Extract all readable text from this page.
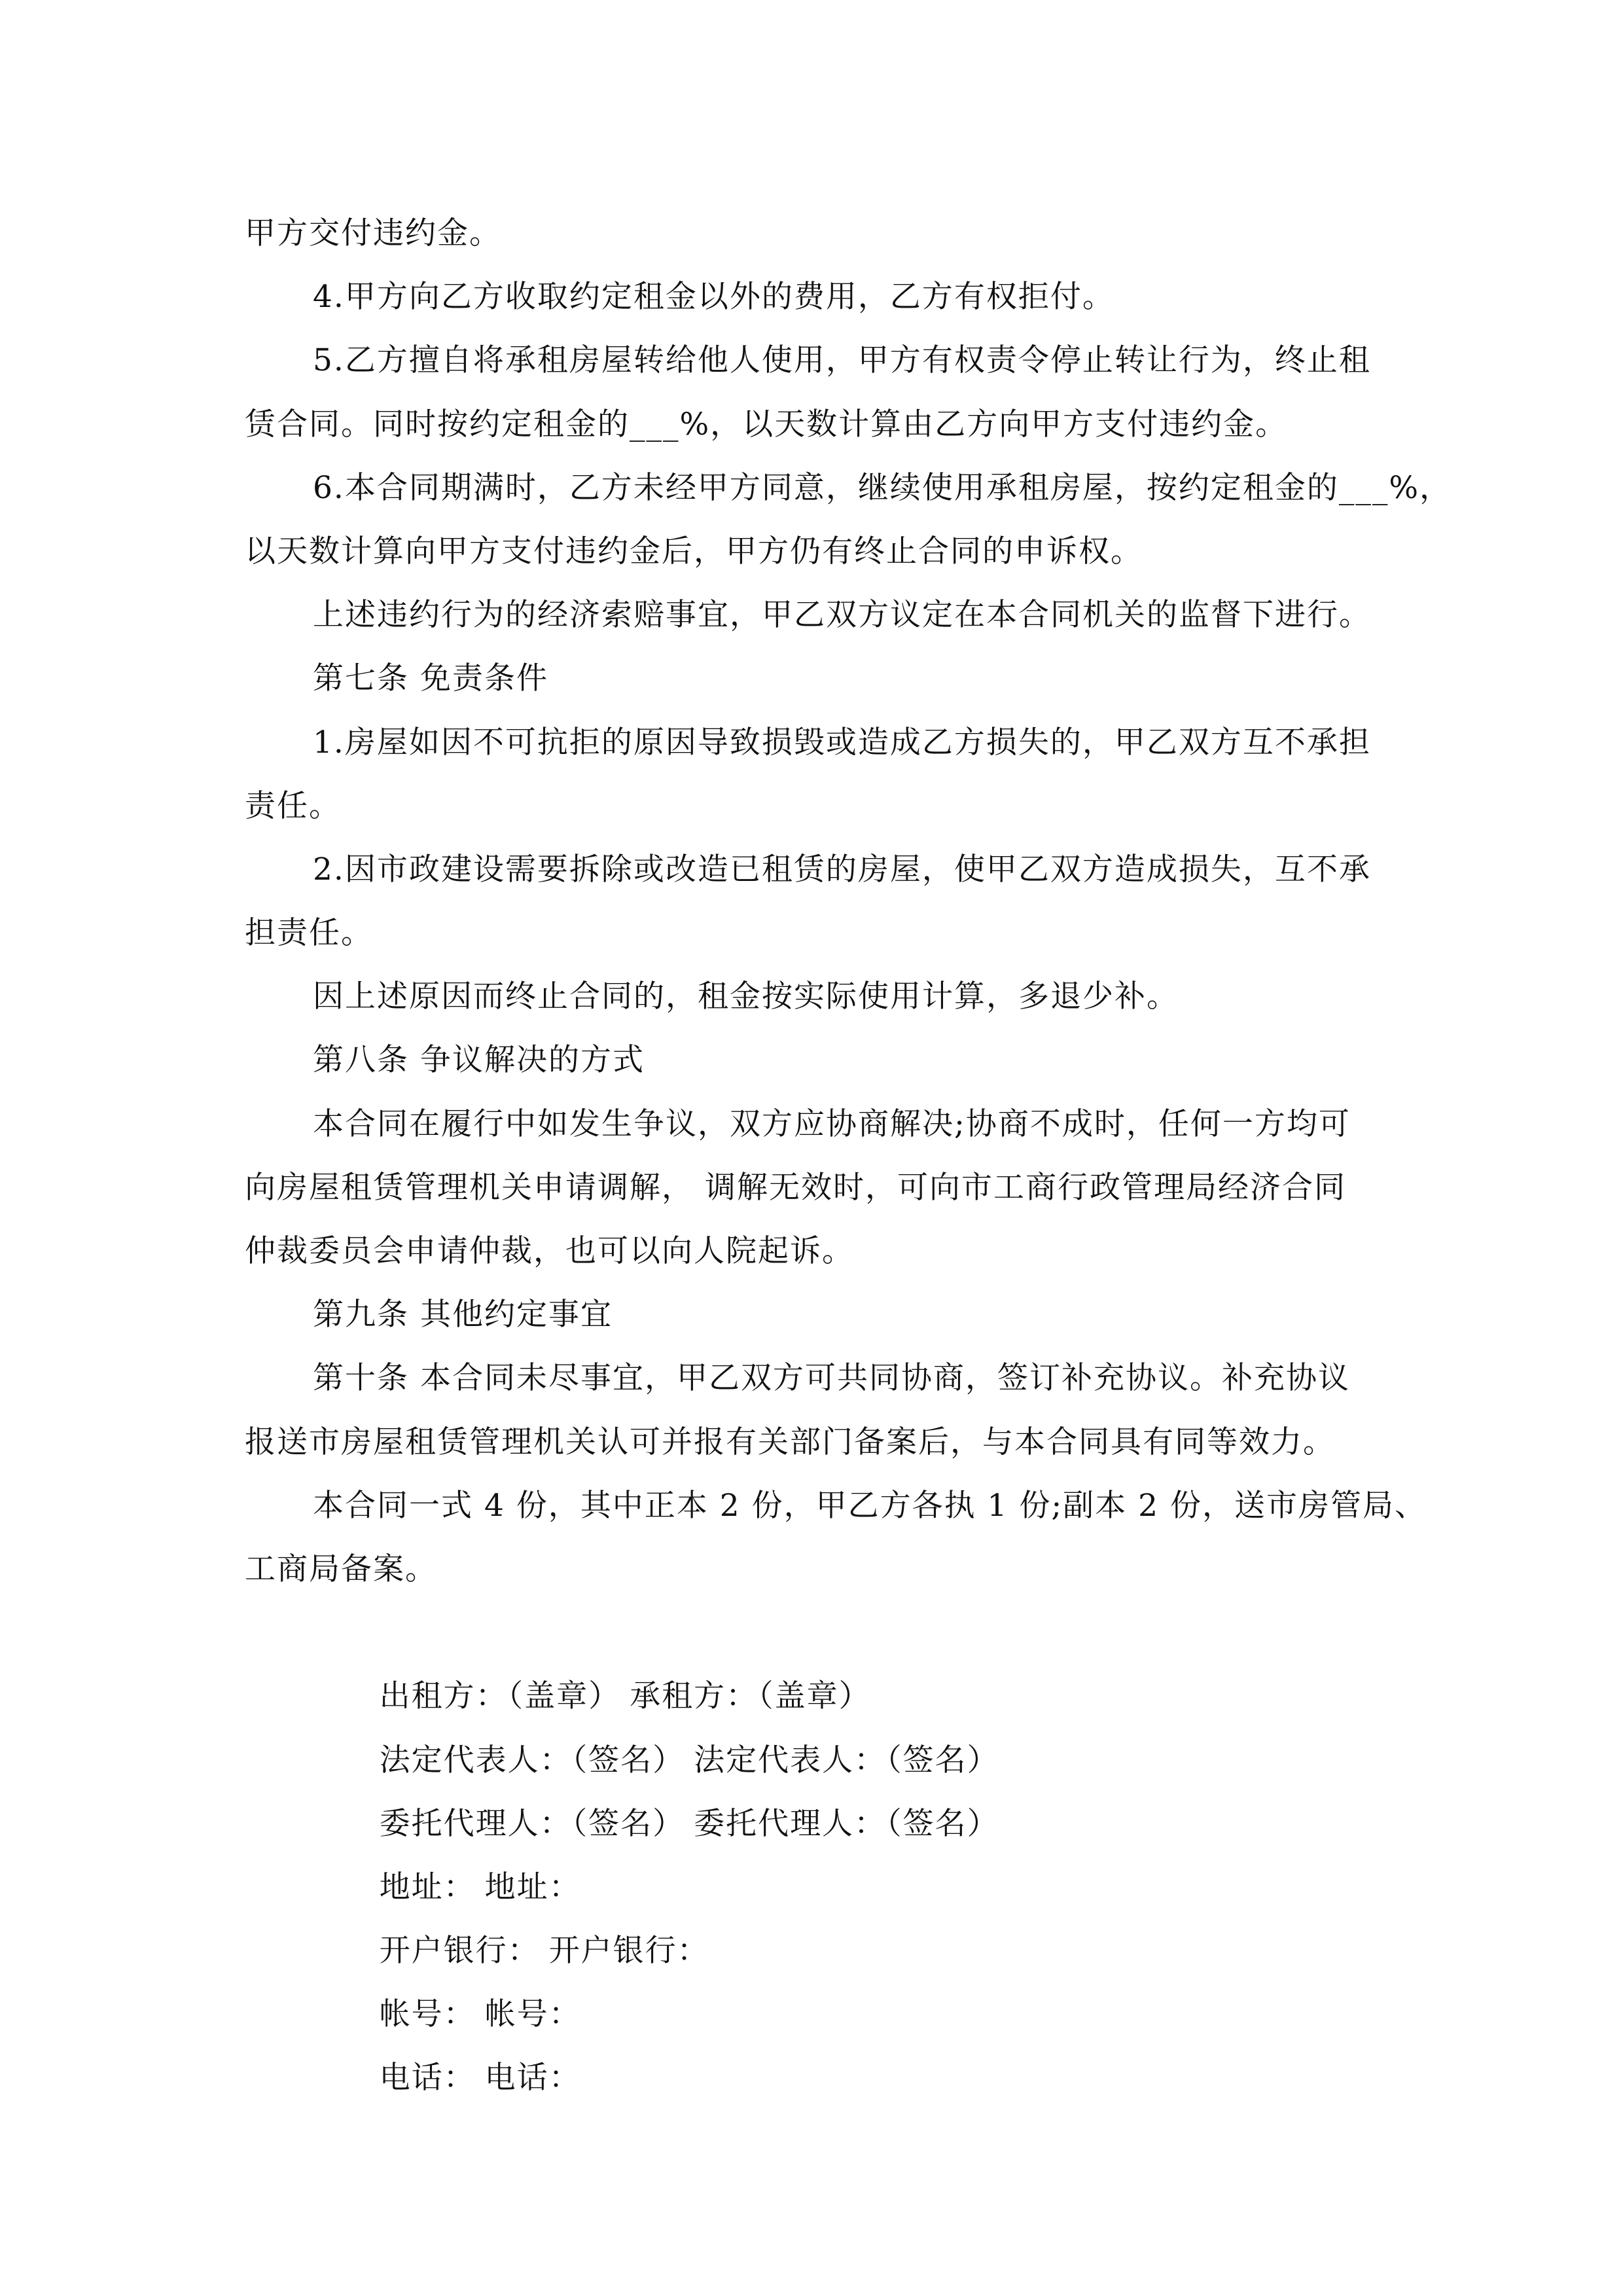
甲方交付违约金。
4.甲方向乙方收取约定租金以外的费用，乙方有权拒付。
5.乙方擅自将承租房屋转给他人使用，甲方有权责令停止转让行为，终止租
赁合同。同时按约定租金的___%，以天数计算由乙方向甲方支付违约金。
6.本合同期满时，乙方未经甲方同意，继续使用承租房屋，按约定租金的___%，
以天数计算向甲方支付违约金后，甲方仍有终止合同的申诉权。
上述违约行为的经济索赔事宜，甲乙双方议定在本合同机关的监督下进行。
第七条 免责条件
1.房屋如因不可抗拒的原因导致损毁或造成乙方损失的，甲乙双方互不承担
责任。
2.因市政建设需要拆除或改造已租赁的房屋，使甲乙双方造成损失，互不承
担责任。
因上述原因而终止合同的，租金按实际使用计算，多退少补。
第八条 争议解决的方式
本合同在履行中如发生争议，双方应协商解决;协商不成时，任何一方均可
向房屋租赁管理机关申请调解， 调解无效时，可向市工商行政管理局经济合同
仲裁委员会申请仲裁，也可以向人院起诉。
第九条 其他约定事宜
第十条 本合同未尽事宜，甲乙双方可共同协商，签订补充协议。补充协议
报送市房屋租赁管理机关认可并报有关部门备案后，与本合同具有同等效力。
本合同一式 4 份，其中正本 2 份，甲乙方各执 1 份;副本 2 份，送市房管局、
工商局备案。

出租方：（盖章） 承租方：（盖章）

法定代表人：（签名） 法定代表人：（签名）

委托代理人：（签名） 委托代理人：（签名）

地址： 地址：

开户银行： 开户银行：

帐号： 帐号：

电话： 电话：
